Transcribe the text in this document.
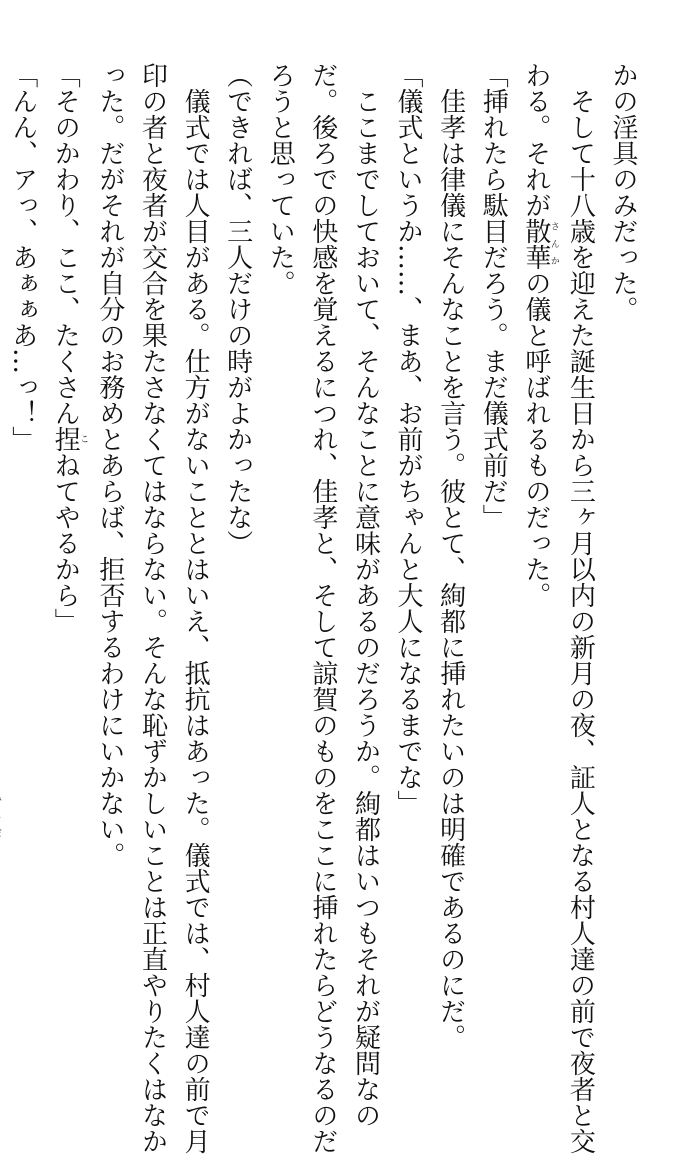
かの淫具のみだった。
　そして十八歳を迎えた誕生日から三ヶ月以内の新月の夜、証人となる村人達の前で夜者と交
わる。それが散華さんかの儀と呼ばれるものだった。
「挿れたら駄目だろう。まだ儀式前だ」
　佳孝は律儀にそんなことを言う。彼とて、絢都に挿れたいのは明確であるのにだ。
「儀式というか……、まあ、お前がちゃんと大人になるまでな」
　ここまでしておいて、そんなことに意味があるのだろうか。絢都はいつもそれが疑問なの
だ。後ろでの快感を覚えるにつれ、佳孝と、そして諒賀のものをここに挿れたらどうなるのだ
ろうと思っていた。
（できれば、三人だけの時がよかったな）
　儀式では人目がある。仕方がないこととはいえ、抵抗はあった。儀式では、村人達の前で月
印の者と夜者が交合を果たさなくてはならない。そんな恥ずかしいことは正直やりたくはなか
った。だがそれが自分のお務めとあらば、拒否するわけにいかない。
「そのかわり、ここ、たくさん捏こねてやるから」
「んん、アっ、あぁぁあ…っ！」
